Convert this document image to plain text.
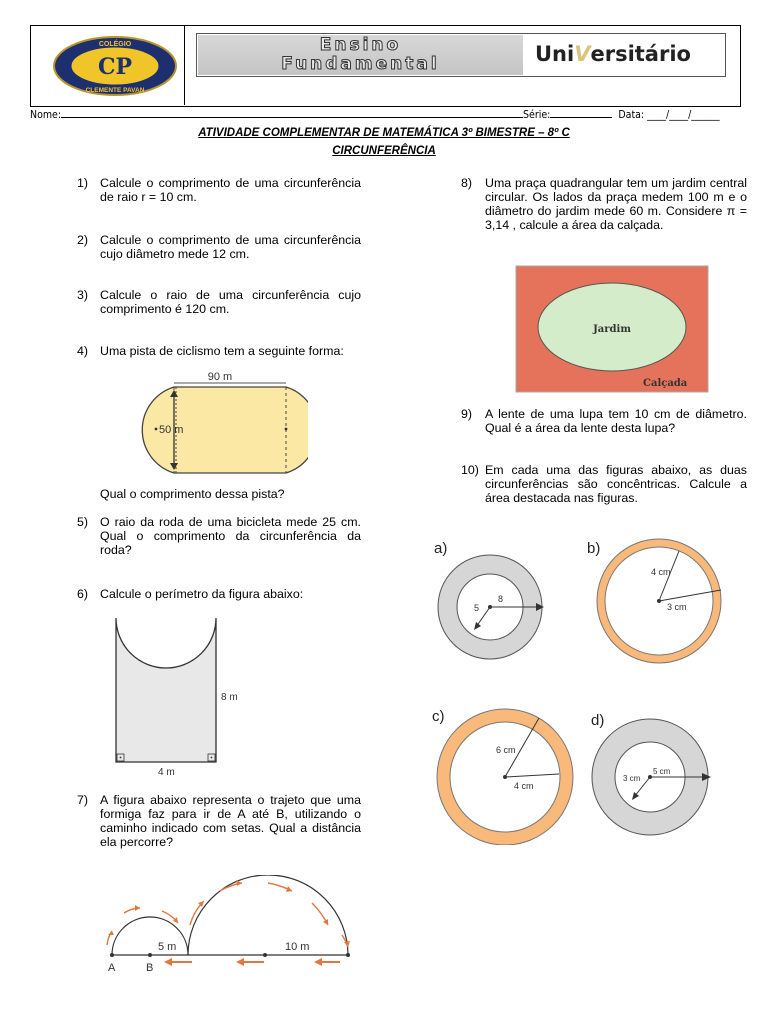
COLÉGIO
CLEMENTE PAVAN
CP
Ensino
Fundamental	UniVersitário
Nome:	Série:	Data: ____/____/______
ATIVIDADE COMPLEMENTAR DE MATEMÁTICA 3º BIMESTRE – 8º C
CIRCUNFERÊNCIA
1) Calcule o comprimento de uma circunferência de raio r = 10 cm.
2) Calcule o comprimento de uma circunferência cujo diâmetro mede 12 cm.
3) Calcule o raio de uma circunferência cujo comprimento é 120 cm.
4) Uma pista de ciclismo tem a seguinte forma:
90 m
50 m
Qual o comprimento dessa pista?
5) O raio da roda de uma bicicleta mede 25 cm. Qual o comprimento da circunferência da roda?
6) Calcule o perímetro da figura abaixo:
8 m
4 m
7) A figura abaixo representa o trajeto que uma formiga faz para ir de A até B, utilizando o caminho indicado com setas. Qual a distância ela percorre?
5 m	10 m
A	B
8) Uma praça quadrangular tem um jardim central circular. Os lados da praça medem 100 m e o diâmetro do jardim mede 60 m. Considere π = 3,14 , calcule a área da calçada.
Jardim
Calçada
9) A lente de uma lupa tem 10 cm de diâmetro. Qual é a área da lente desta lupa?
10) Em cada uma das figuras abaixo, as duas circunferências são concêntricas. Calcule a área destacada nas figuras.
a)
8
5
b)
4 cm
3 cm
c)
6 cm
4 cm
d)
5 cm
3 cm
